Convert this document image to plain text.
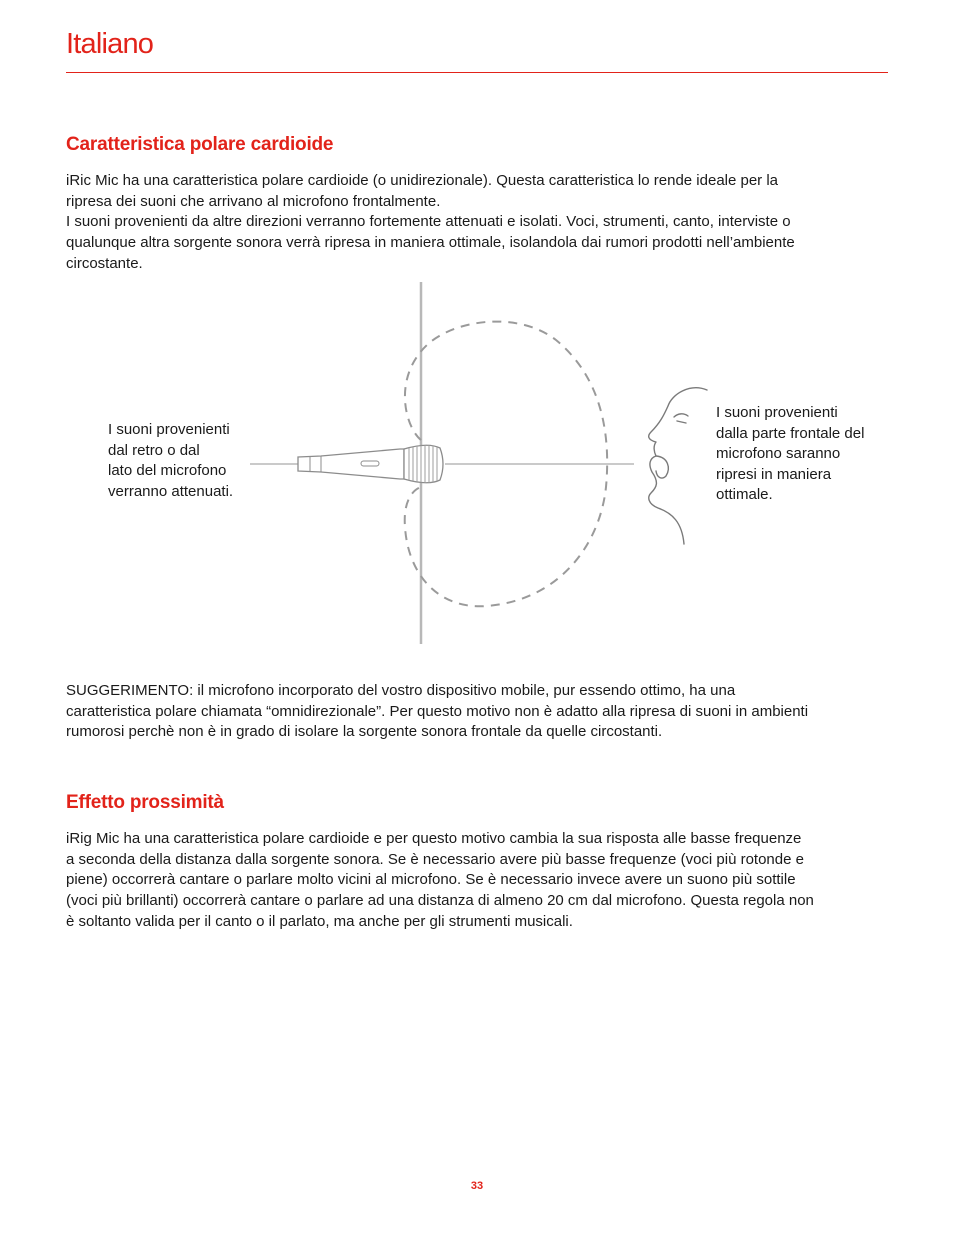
Italiano
Caratteristica polare cardioide
iRic Mic ha una caratteristica polare cardioide (o unidirezionale). Questa caratteristica lo rende ideale per la
ripresa dei suoni che arrivano al microfono frontalmente.
I suoni provenienti da altre direzioni verranno fortemente attenuati e isolati. Voci, strumenti, canto, interviste o
qualunque altra sorgente sonora verrà ripresa in maniera ottimale, isolandola dai rumori prodotti nell’ambiente
circostante.
I suoni provenienti
dal retro o dal
lato del microfono
verranno attenuati.
I suoni provenienti
dalla parte frontale del
microfono saranno
ripresi in maniera
ottimale.
SUGGERIMENTO: il microfono incorporato del vostro dispositivo mobile, pur essendo ottimo, ha una
caratteristica polare chiamata “omnidirezionale”. Per questo motivo non è adatto alla ripresa di suoni in ambienti
rumorosi perchè non è in grado di isolare la sorgente sonora frontale da quelle circostanti.
Effetto prossimità
iRig Mic ha una caratteristica polare cardioide e per questo motivo cambia la sua risposta alle basse frequenze
a seconda della distanza dalla sorgente sonora. Se è necessario avere più basse frequenze (voci più rotonde e
piene) occorrerà cantare o parlare molto vicini al microfono. Se è necessario invece avere un suono più sottile
(voci più brillanti) occorrerà cantare o parlare ad una distanza di almeno 20 cm dal microfono. Questa regola non
è soltanto valida per il canto o il parlato, ma anche per gli strumenti musicali.
33
